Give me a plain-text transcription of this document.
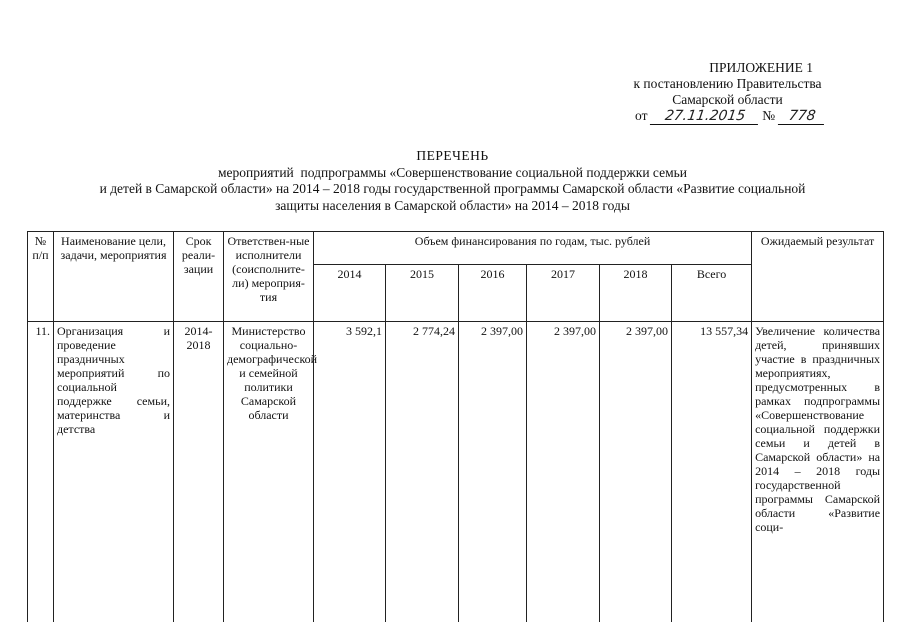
ПРИЛОЖЕНИЕ 1
к постановлению Правительства
Самарской области
от 27.11.2015 № 778
ПЕРЕЧЕНЬ
мероприятий  подпрограммы «Совершенствование социальной поддержки семьи
и детей в Самарской области» на 2014 – 2018 годы государственной программы Самарской области «Развитие социальной
защиты населения в Самарской области» на 2014 – 2018 годы
№ п/п	Наименование цели, задачи, мероприятия	Срок реали-зации	Ответствен-ные исполнители (соисполните-ли) мероприя-тия	Объем финансирования по годам, тыс. рублей						Ожидаемый результат
				2014	2015	2016	2017	2018	Всего	
11.	Организация и проведение праздничных мероприятий по социальной поддержке семьи, материнства и детства	2014-2018	Министерство социально-демографической и семейной политики Самарской области	3 592,1	2 774,24	2 397,00	2 397,00	2 397,00	13 557,34	Увеличение количества детей, принявших участие в праздничных мероприятиях, предусмотренных в рамках подпрограммы «Совершенствование социальной поддержки семьи и детей в Самарской области» на 2014 – 2018 годы государственной программы Самарской области «Развитие соци-
